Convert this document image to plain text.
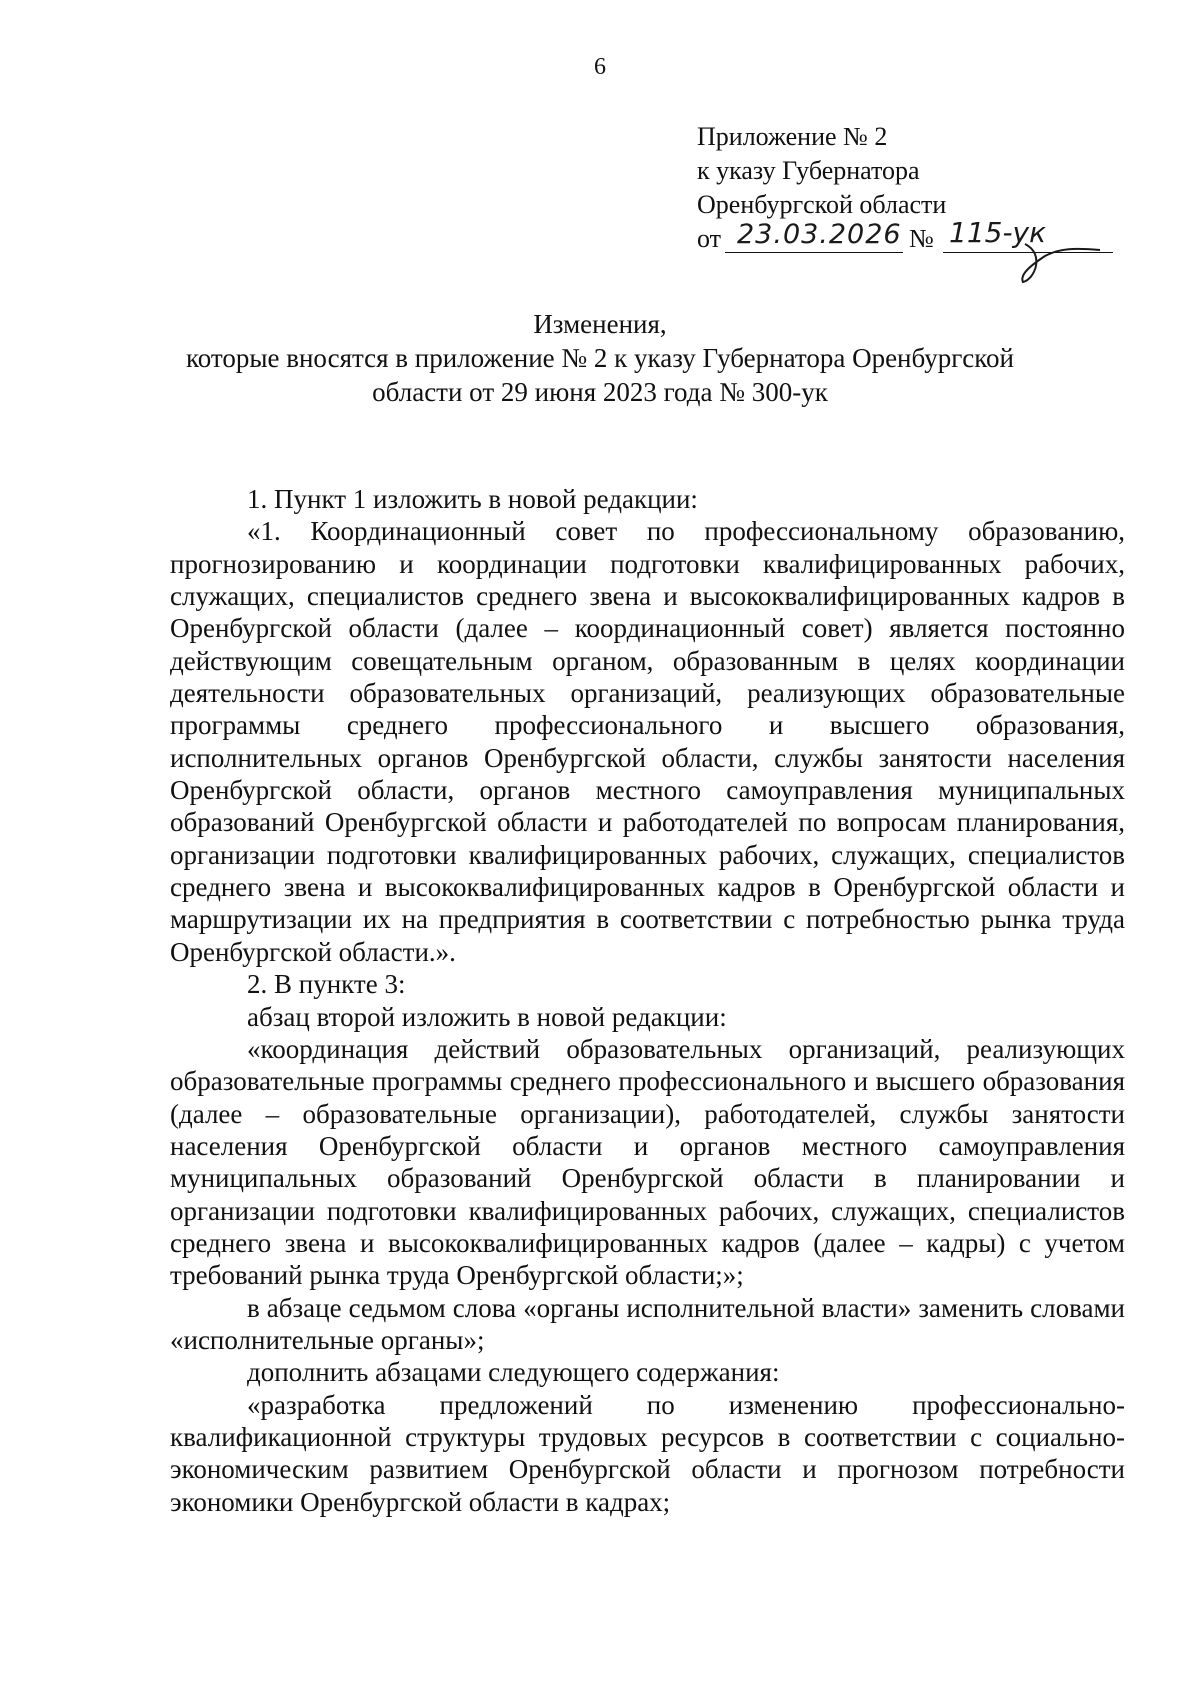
6
Приложение № 2
к указу Губернатора
Оренбургской области
от 23.03.2026 № 115-ук
Изменения,
которые вносятся в приложение № 2 к указу Губернатора Оренбургской
области от 29 июня 2023 года № 300-ук

1. Пункт 1 изложить в новой редакции:

«1. Координационный совет по профессиональному образованию, прогнозированию и координации подготовки квалифицированных рабочих, служащих, специалистов среднего звена и высококвалифицированных кадров в Оренбургской области (далее – координационный совет) является постоянно действующим совещательным органом, образованным в целях координации деятельности образовательных организаций, реализующих образовательные программы среднего профессионального и высшего образования, исполнительных органов Оренбургской области, службы занятости населения Оренбургской области, органов местного самоуправления муниципальных образований Оренбургской области и работодателей по вопросам планирования, организации подготовки квалифицированных рабочих, служащих, специалистов среднего звена и высококвалифицированных кадров в Оренбургской области и маршрутизации их на предприятия в соответствии с потребностью рынка труда Оренбургской области.».

2. В пункте 3:

абзац второй изложить в новой редакции:

«координация действий образовательных организаций, реализующих образовательные программы среднего профессионального и высшего образования (далее – образовательные организации), работодателей, службы занятости населения Оренбургской области и органов местного самоуправления муниципальных образований Оренбургской области в планировании и организации подготовки квалифицированных рабочих, служащих, специалистов среднего звена и высококвалифицированных кадров (далее – кадры) с учетом требований рынка труда Оренбургской области;»;

в абзаце седьмом слова «органы исполнительной власти» заменить словами «исполнительные органы»;

дополнить абзацами следующего содержания:

«разработка предложений по изменению профессионально-квалификационной структуры трудовых ресурсов в соответствии с социально-экономическим развитием Оренбургской области и прогнозом потребности экономики Оренбургской области в кадрах;
